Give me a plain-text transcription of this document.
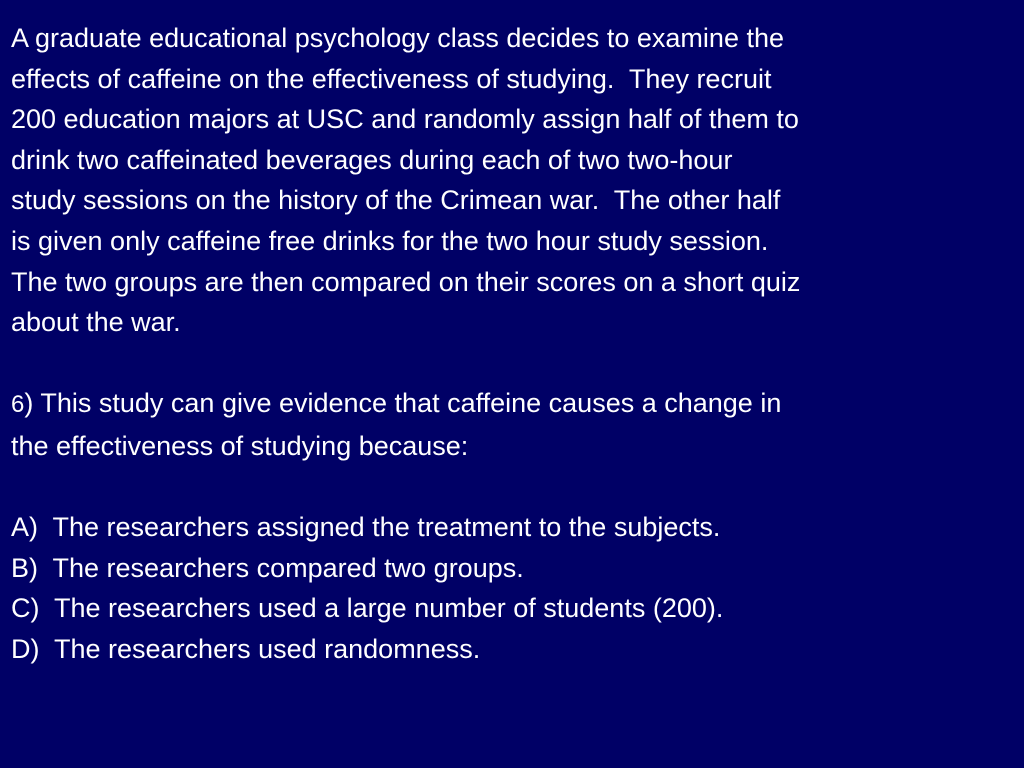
A graduate educational psychology class decides to examine the
effects of caffeine on the effectiveness of studying.  They recruit
200 education majors at USC and randomly assign half of them to
drink two caffeinated beverages during each of two two-hour
study sessions on the history of the Crimean war.  The other half
is given only caffeine free drinks for the two hour study session.
The two groups are then compared on their scores on a short quiz
about the war.
6) This study can give evidence that caffeine causes a change in
the effectiveness of studying because:
A)  The researchers assigned the treatment to the subjects.
B)  The researchers compared two groups.
C)  The researchers used a large number of students (200).
D)  The researchers used randomness.
